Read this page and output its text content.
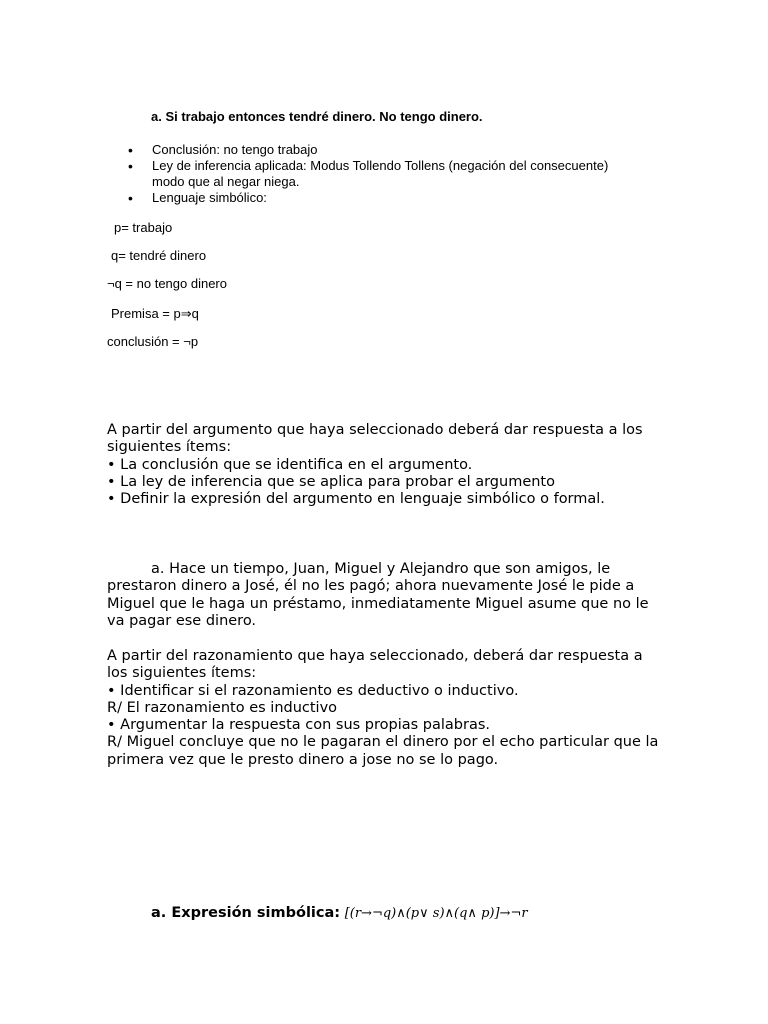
a. Si trabajo entonces tendré dinero. No tengo dinero.
• Conclusión: no tengo trabajo
• Ley de inferencia aplicada: Modus Tollendo Tollens (negación del consecuente)
modo que al negar niega.
• Lenguaje simbólico:
p= trabajo
q= tendré dinero
¬q = no tengo dinero
Premisa = p⇒q
conclusión = ¬p
A partir del argumento que haya seleccionado deberá dar respuesta a los
siguientes ítems:
• La conclusión que se identifica en el argumento.
• La ley de inferencia que se aplica para probar el argumento
• Definir la expresión del argumento en lenguaje simbólico o formal.
a. Hace un tiempo, Juan, Miguel y Alejandro que son amigos, le
prestaron dinero a José, él no les pagó; ahora nuevamente José le pide a
Miguel que le haga un préstamo, inmediatamente Miguel asume que no le
va pagar ese dinero.
A partir del razonamiento que haya seleccionado, deberá dar respuesta a
los siguientes ítems:
• Identificar si el razonamiento es deductivo o inductivo.
R/ El razonamiento es inductivo
• Argumentar la respuesta con sus propias palabras.
R/ Miguel concluye que no le pagaran el dinero por el echo particular que la
primera vez que le presto dinero a jose no se lo pago.
a. Expresión simbólica: [(r→¬q)∧(p∨ s)∧(q∧ p)]→¬r
